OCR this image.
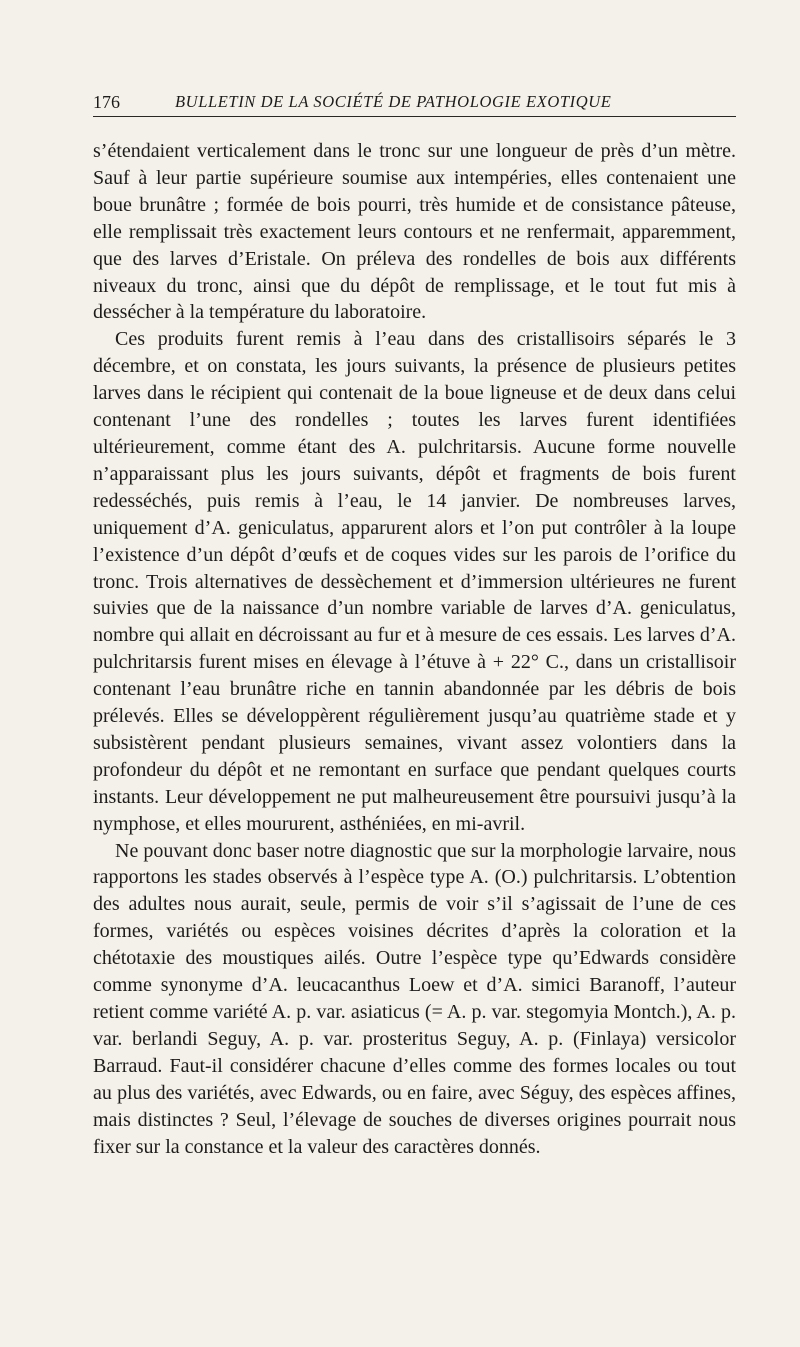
176	BULLETIN DE LA SOCIÉTÉ DE PATHOLOGIE EXOTIQUE

s’étendaient verticalement dans le tronc sur une longueur de près d’un mètre. Sauf à leur partie supérieure soumise aux intempéries, elles contenaient une boue brunâtre ; formée de bois pourri, très humide et de consistance pâteuse, elle remplissait très exactement leurs contours et ne renfermait, apparemment, que des larves d’Eristale. On préleva des rondelles de bois aux différents niveaux du tronc, ainsi que du dépôt de remplissage, et le tout fut mis à dessécher à la température du laboratoire.

Ces produits furent remis à l’eau dans des cristallisoirs séparés le 3 décembre, et on constata, les jours suivants, la présence de plusieurs petites larves dans le récipient qui contenait de la boue ligneuse et de deux dans celui contenant l’une des rondelles ; toutes les larves furent identifiées ultérieurement, comme étant des A. pulchritarsis. Aucune forme nouvelle n’apparaissant plus les jours suivants, dépôt et fragments de bois furent redesséchés, puis remis à l’eau, le 14 janvier. De nombreuses larves, uniquement d’A. geniculatus, apparurent alors et l’on put contrôler à la loupe l’existence d’un dépôt d’œufs et de coques vides sur les parois de l’orifice du tronc. Trois alternatives de dessèchement et d’immersion ultérieures ne furent suivies que de la naissance d’un nombre variable de larves d’A. geniculatus, nombre qui allait en décroissant au fur et à mesure de ces essais. Les larves d’A. pulchritarsis furent mises en élevage à l’étuve à + 22° C., dans un cristallisoir contenant l’eau brunâtre riche en tannin abandonnée par les débris de bois prélevés. Elles se développèrent régulièrement jusqu’au quatrième stade et y subsistèrent pendant plusieurs semaines, vivant assez volontiers dans la profondeur du dépôt et ne remontant en surface que pendant quelques courts instants. Leur développement ne put malheureusement être poursuivi jusqu’à la nymphose, et elles moururent, asthéniées, en mi-avril.

Ne pouvant donc baser notre diagnostic que sur la morphologie larvaire, nous rapportons les stades observés à l’espèce type A. (O.) pulchritarsis. L’obtention des adultes nous aurait, seule, permis de voir s’il s’agissait de l’une de ces formes, variétés ou espèces voisines décrites d’après la coloration et la chétotaxie des moustiques ailés. Outre l’espèce type qu’Edwards considère comme synonyme d’A. leucacanthus Loew et d’A. simici Baranoff, l’auteur retient comme variété A. p. var. asiaticus (= A. p. var. stegomyia Montch.), A. p. var. berlandi Seguy, A. p. var. prosteritus Seguy, A. p. (Finlaya) versicolor Barraud. Faut-il considérer chacune d’elles comme des formes locales ou tout au plus des variétés, avec Edwards, ou en faire, avec Séguy, des espèces affines, mais distinctes ? Seul, l’élevage de souches de diverses origines pourrait nous fixer sur la constance et la valeur des caractères donnés.
